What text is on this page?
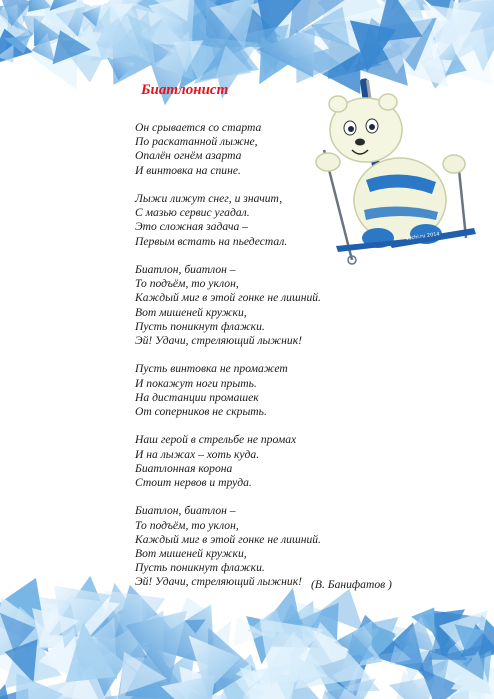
Биатлонист
Он срывается со старта
По раскатанной лыжне,
Опалён огнём азарта
И винтовка на спине.
Лыжи лижут снег, и значит,
С мазью сервис угадал.
Это сложная задача –
Первым встать на пьедестал.
Биатлон, биатлон –
То подъём, то уклон,
Каждый миг в этой гонке не лишний.
Вот мишеней кружки,
Пусть поникнут флажки.
Эй! Удачи, стреляющий лыжник!
Пусть винтовка не промажет
И покажут ноги прыть.
На дистанции промашек
От соперников не скрыть.
Наш герой в стрельбе не промах
И на лыжах – хоть куда.
Биатлонная корона
Стоит нервов и труда.
Биатлон, биатлон –
То подъём, то уклон,
Каждый миг в этой гонке не лишний.
Вот мишеней кружки,
Пусть поникнут флажки.
Эй! Удачи, стреляющий лыжник! (В. Банифатов )
sochi.ru 2014
